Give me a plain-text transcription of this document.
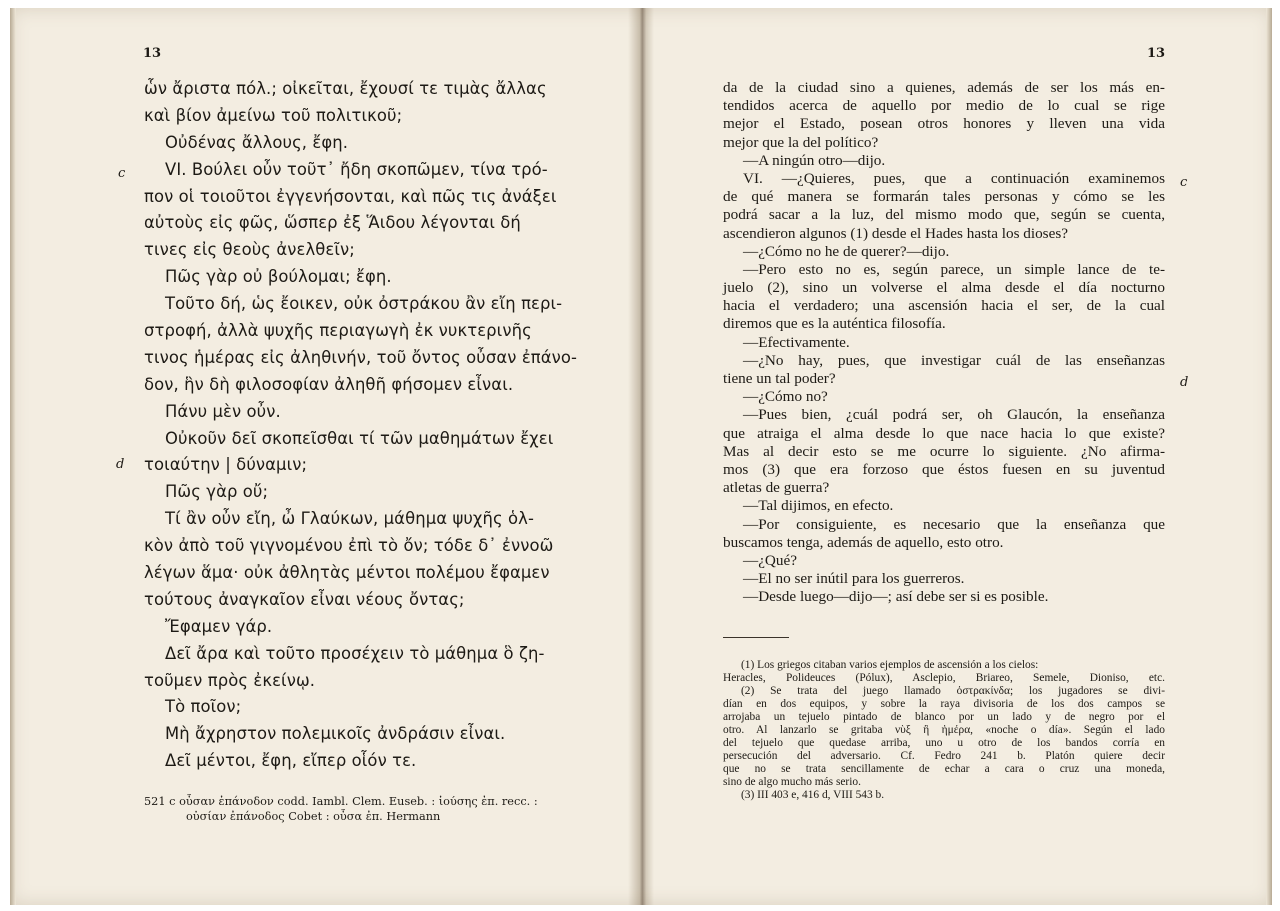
13
c
d
ὧν ἄριστα πόλ.; οἰκεῖται, ἔχουσί τε τιμὰς ἄλλας
καὶ βίον ἀμείνω τοῦ πολιτικοῦ;
Οὐδένας ἄλλους, ἔφη.
VI. Βούλει οὖν τοῦτ᾽ ἤδη σκοπῶμεν, τίνα τρό-
πον οἱ τοιοῦτοι ἐγγενήσονται, καὶ πῶς τις ἀνάξει
αὐτοὺς εἰς φῶς, ὥσπερ ἐξ Ἅιδου λέγονται δή
τινες εἰς θεοὺς ἀνελθεῖν;
Πῶς γὰρ οὐ βούλομαι; ἔφη.
Τοῦτο δή, ὡς ἔοικεν, οὐκ ὀστράκου ἂν εἴη περι-
στροφή, ἀλλὰ ψυχῆς περιαγωγὴ ἐκ νυκτερινῆς
τινος ἡμέρας εἰς ἀληθινήν, τοῦ ὄντος οὖσαν ἐπάνο-
δον, ἣν δὴ φιλοσοφίαν ἀληθῆ φήσομεν εἶναι.
Πάνυ μὲν οὖν.
Οὐκοῦν δεῖ σκοπεῖσθαι τί τῶν μαθημάτων ἔχει
τοιαύτην | δύναμιν;
Πῶς γὰρ οὔ;
Τί ἂν οὖν εἴη, ὦ Γλαύκων, μάθημα ψυχῆς ὁλ-
κὸν ἀπὸ τοῦ γιγνομένου ἐπὶ τὸ ὄν; τόδε δ᾽ ἐννοῶ
λέγων ἅμα· οὐκ ἀθλητὰς μέντοι πολέμου ἔφαμεν
τούτους ἀναγκαῖον εἶναι νέους ὄντας;
Ἔφαμεν γάρ.
Δεῖ ἄρα καὶ τοῦτο προσέχειν τὸ μάθημα ὃ ζη-
τοῦμεν πρὸς ἐκείνῳ.
Τὸ ποῖον;
Μὴ ἄχρηστον πολεμικοῖς ἀνδράσιν εἶναι.
Δεῖ μέντοι, ἔφη, εἴπερ οἷόν τε.
521 c οὖσαν ἐπάνοδον codd. Iambl. Clem. Euseb. : ἰούσης ἐπ. recc. :
οὐσίαν ἐπάνοδος Cobet : οὖσα ἐπ. Hermann
13
c
d
da de la ciudad sino a quienes, además de ser los más en-
tendidos acerca de aquello por medio de lo cual se rige
mejor el Estado, posean otros honores y lleven una vida
mejor que la del político?
—A ningún otro—dijo.
VI. —¿Quieres, pues, que a continuación examinemos
de qué manera se formarán tales personas y cómo se les
podrá sacar a la luz, del mismo modo que, según se cuenta,
ascendieron algunos (1) desde el Hades hasta los dioses?
—¿Cómo no he de querer?—dijo.
—Pero esto no es, según parece, un simple lance de te-
juelo (2), sino un volverse el alma desde el día nocturno
hacia el verdadero; una ascensión hacia el ser, de la cual
diremos que es la auténtica filosofía.
—Efectivamente.
—¿No hay, pues, que investigar cuál de las enseñanzas
tiene un tal poder?
—¿Cómo no?
—Pues bien, ¿cuál podrá ser, oh Glaucón, la enseñanza
que atraiga el alma desde lo que nace hacia lo que existe?
Mas al decir esto se me ocurre lo siguiente. ¿No afirma-
mos (3) que era forzoso que éstos fuesen en su juventud
atletas de guerra?
—Tal dijimos, en efecto.
—Por consiguiente, es necesario que la enseñanza que
buscamos tenga, además de aquello, esto otro.
—¿Qué?
—El no ser inútil para los guerreros.
—Desde luego—dijo—; así debe ser si es posible.
(1) Los griegos citaban varios ejemplos de ascensión a los cielos:
Heracles, Polideuces (Pólux), Asclepio, Briareo, Semele, Dioniso, etc.
(2) Se trata del juego llamado ὀστρακίνδα; los jugadores se divi-
dían en dos equipos, y sobre la raya divisoria de los dos campos se
arrojaba un tejuelo pintado de blanco por un lado y de negro por el
otro. Al lanzarlo se gritaba νὺξ ἢ ἡμέρα, «noche o día». Según el lado
del tejuelo que quedase arriba, uno u otro de los bandos corría en
persecución del adversario. Cf. Fedro 241 b. Platón quiere decir
que no se trata sencillamente de echar a cara o cruz una moneda,
sino de algo mucho más serio.
(3) III 403 e, 416 d, VIII 543 b.
